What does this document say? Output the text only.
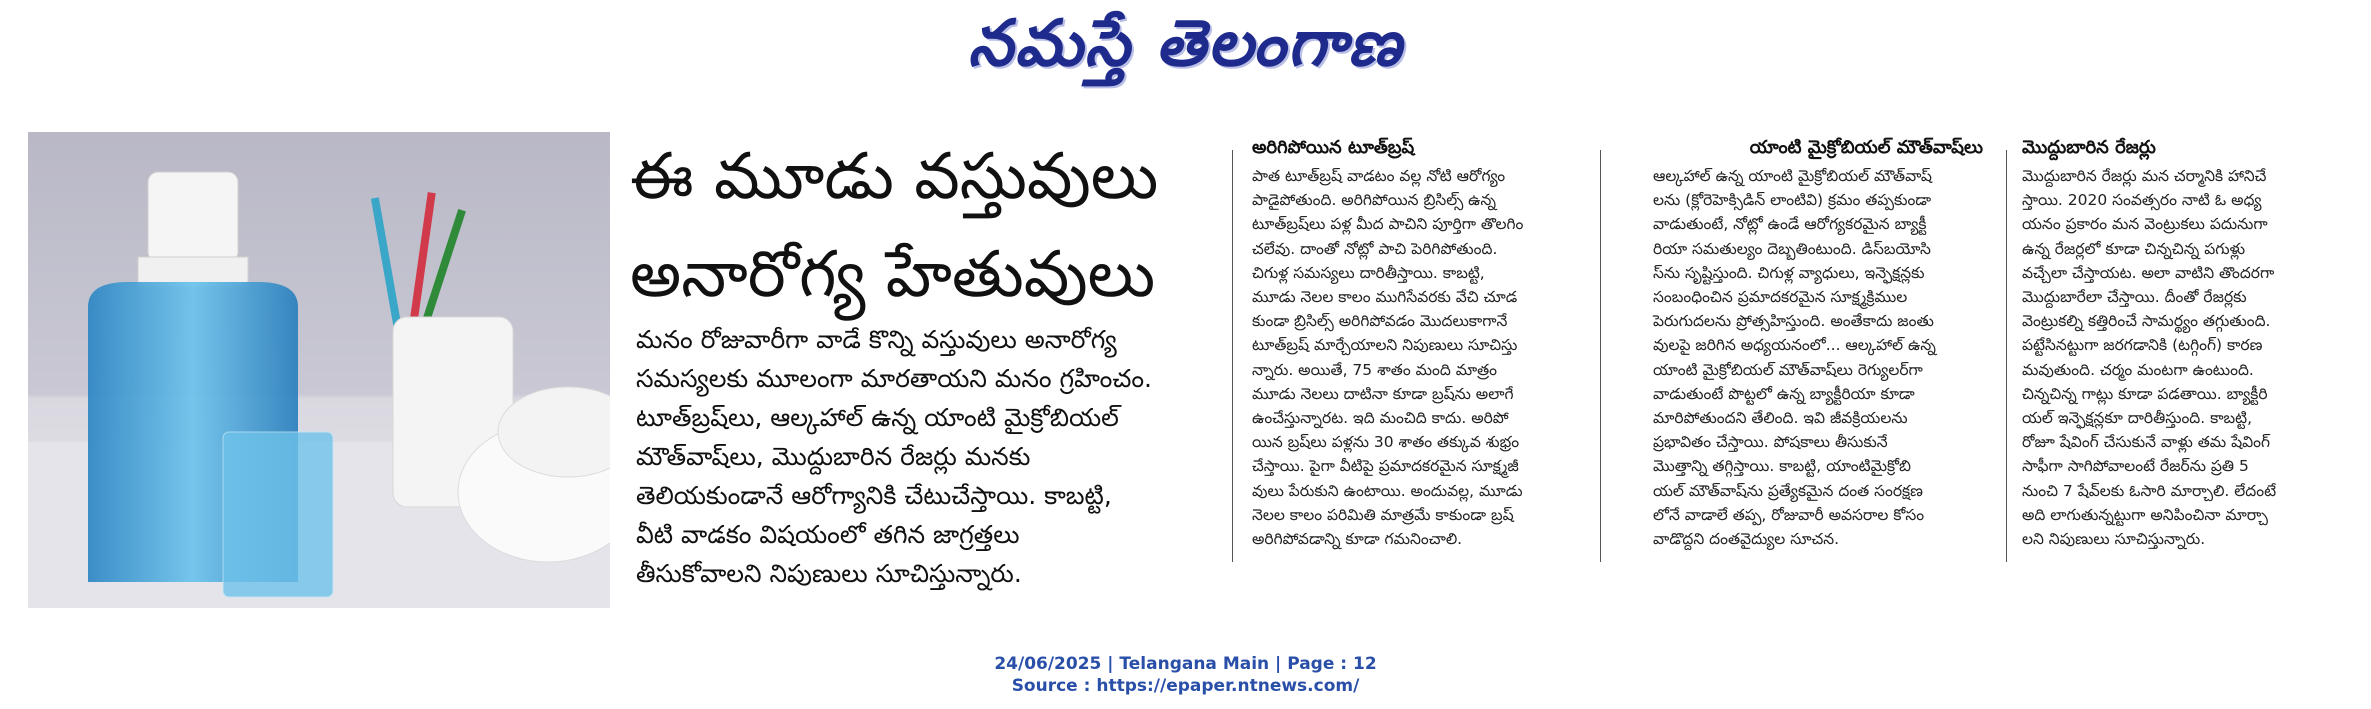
నమస్తే తెలంగాణ
ఈ మూడు వస్తువులు
అనారోగ్య హేతువులు
మనం రోజువారీగా వాడే కొన్ని వస్తువులు అనారోగ్య
సమస్యలకు మూలంగా మారతాయని మనం గ్రహించం.
టూత్‌బ్రష్‌లు, ఆల్కహాల్ ఉన్న యాంటి మైక్రోబియల్
మౌత్‌వాష్‌లు, మొద్దుబారిన రేజర్లు మనకు
తెలియకుండానే ఆరోగ్యానికి చేటుచేస్తాయి. కాబట్టి,
వీటి వాడకం విషయంలో తగిన జాగ్రత్తలు
తీసుకోవాలని నిపుణులు సూచిస్తున్నారు.
అరిగిపోయిన టూత్‌బ్రష్
పాత టూత్‌బ్రష్ వాడటం వల్ల నోటి ఆరోగ్యం
పాడైపోతుంది. అరిగిపోయిన బ్రిసిల్స్ ఉన్న
టూత్‌బ్రష్‌లు పళ్ల మీద పాచిని పూర్తిగా తొలగిం
చలేవు. దాంతో నోట్లో పాచి పెరిగిపోతుంది.
చిగుళ్ల సమస్యలు దారితీస్తాయి. కాబట్టి,
మూడు నెలల కాలం ముగిసేవరకు వేచి చూడ
కుండా బ్రిసిల్స్ అరిగిపోవడం మొదలుకాగానే
టూత్‌బ్రష్ మార్చేయాలని నిపుణులు సూచిస్తు
న్నారు. అయితే, 75 శాతం మంది మాత్రం
మూడు నెలలు దాటినా కూడా బ్రష్‌ను అలాగే
ఉంచేస్తున్నారట. ఇది మంచిది కాదు. అరిపో
యిన బ్రష్‌లు పళ్లను 30 శాతం తక్కువ శుభ్రం
చేస్తాయి. పైగా వీటిపై ప్రమాదకరమైన సూక్ష్మజీ
వులు పేరుకుని ఉంటాయి. అందువల్ల, మూడు
నెలల కాలం పరిమితి మాత్రమే కాకుండా బ్రష్
అరిగిపోవడాన్ని కూడా గమనించాలి.
యాంటి మైక్రోబియల్ మౌత్‌వాష్‌లు
ఆల్కహాల్ ఉన్న యాంటి మైక్రోబియల్ మౌత్‌వాష్
లను (క్లోరెహెక్సిడిన్ లాంటివి) క్రమం తప్పకుండా
వాడుతుంటే, నోట్లో ఉండే ఆరోగ్యకరమైన బ్యాక్టీ
రియా సమతుల్యం దెబ్బతింటుంది. డిస్‌బయోసి
స్‌ను సృష్టిస్తుంది. చిగుళ్ల వ్యాధులు, ఇన్ఫెక్షన్లకు
సంబంధించిన ప్రమాదకరమైన సూక్ష్మక్రిముల
పెరుగుదలను ప్రోత్సహిస్తుంది. అంతేకాదు జంతు
వులపై జరిగిన అధ్యయనంలో... ఆల్కహాల్ ఉన్న
యాంటి మైక్రోబియల్ మౌత్‌వాష్‌లు రెగ్యులర్‌గా
వాడుతుంటే పొట్టలో ఉన్న బ్యాక్టీరియా కూడా
మారిపోతుందని తేలింది. ఇవి జీవక్రియలను
ప్రభావితం చేస్తాయి. పోషకాలు తీసుకునే
మొత్తాన్ని తగ్గిస్తాయి. కాబట్టి, యాంటిమైక్రోబి
యల్ మౌత్‌వాష్‌ను ప్రత్యేకమైన దంత సంరక్షణ
లోనే వాడాలే తప్ప, రోజువారీ అవసరాల కోసం
వాడొద్దని దంతవైద్యుల సూచన.
మొద్దుబారిన రేజర్లు
మొద్దుబారిన రేజర్లు మన చర్మానికి హానిచే
స్తాయి. 2020 సంవత్సరం నాటి ఓ అధ్య
యనం ప్రకారం మన వెంట్రుకలు పదునుగా
ఉన్న రేజర్లలో కూడా చిన్నచిన్న పగుళ్లు
వచ్చేలా చేస్తాయట. అలా వాటిని తొందరగా
మొద్దుబారేలా చేస్తాయి. దీంతో రేజర్లకు
వెంట్రుకల్ని కత్తిరించే సామర్థ్యం తగ్గుతుంది.
పట్టేసినట్టుగా జరగడానికి (టగ్గింగ్) కారణ
మవుతుంది. చర్మం మంటగా ఉంటుంది.
చిన్నచిన్న గాట్లు కూడా పడతాయి. బ్యాక్టీరి
యల్ ఇన్ఫెక్షన్లకూ దారితీస్తుంది. కాబట్టి,
రోజూ షేవింగ్ చేసుకునే వాళ్లు తమ షేవింగ్
సాఫీగా సాగిపోవాలంటే రేజర్‌ను ప్రతి 5
నుంచి 7 షేవ్‌లకు ఓసారి మార్చాలి. లేదంటే
అది లాగుతున్నట్టుగా అనిపించినా మార్చా
లని నిపుణులు సూచిస్తున్నారు.
24/06/2025 | Telangana Main | Page : 12
Source : https://epaper.ntnews.com/
